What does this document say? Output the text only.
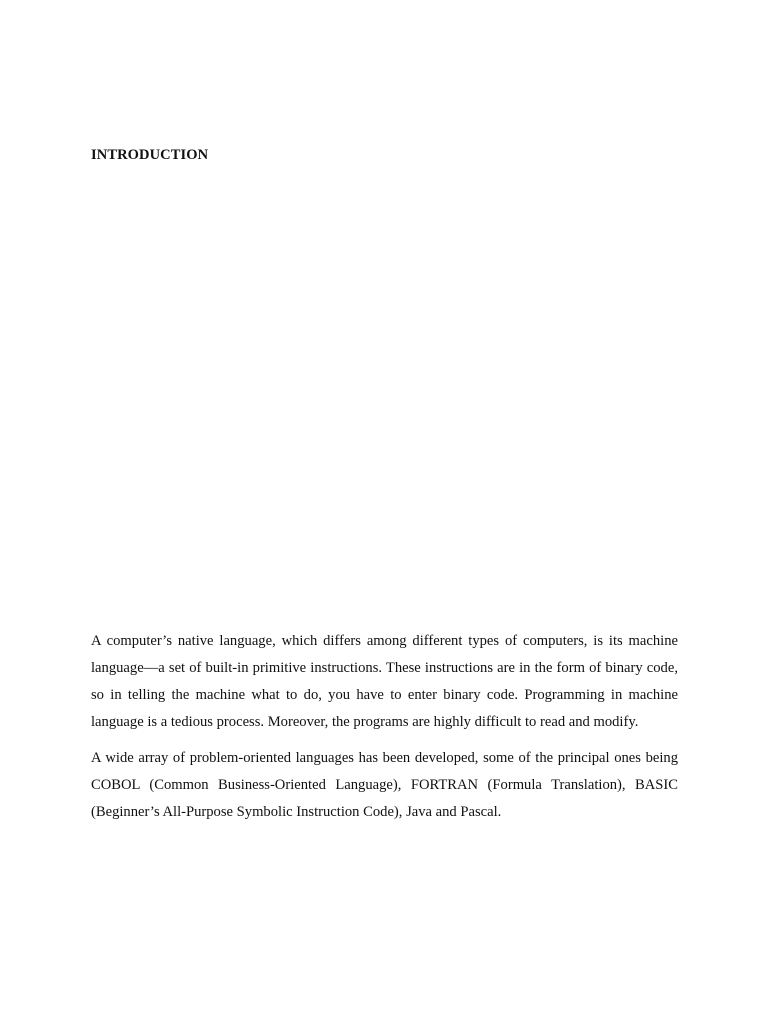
INTRODUCTION

A computer’s native language, which differs among different types of computers, is its machine language—a set of built-in primitive instructions. These instructions are in the form of binary code, so in telling the machine what to do, you have to enter binary code. Programming in machine language is a tedious process. Moreover, the programs are highly difficult to read and modify.

A wide array of problem-oriented languages has been developed, some of the principal ones being COBOL (Common Business-Oriented Language), FORTRAN (Formula Translation), BASIC (Beginner’s All-Purpose Symbolic Instruction Code), Java and Pascal.
